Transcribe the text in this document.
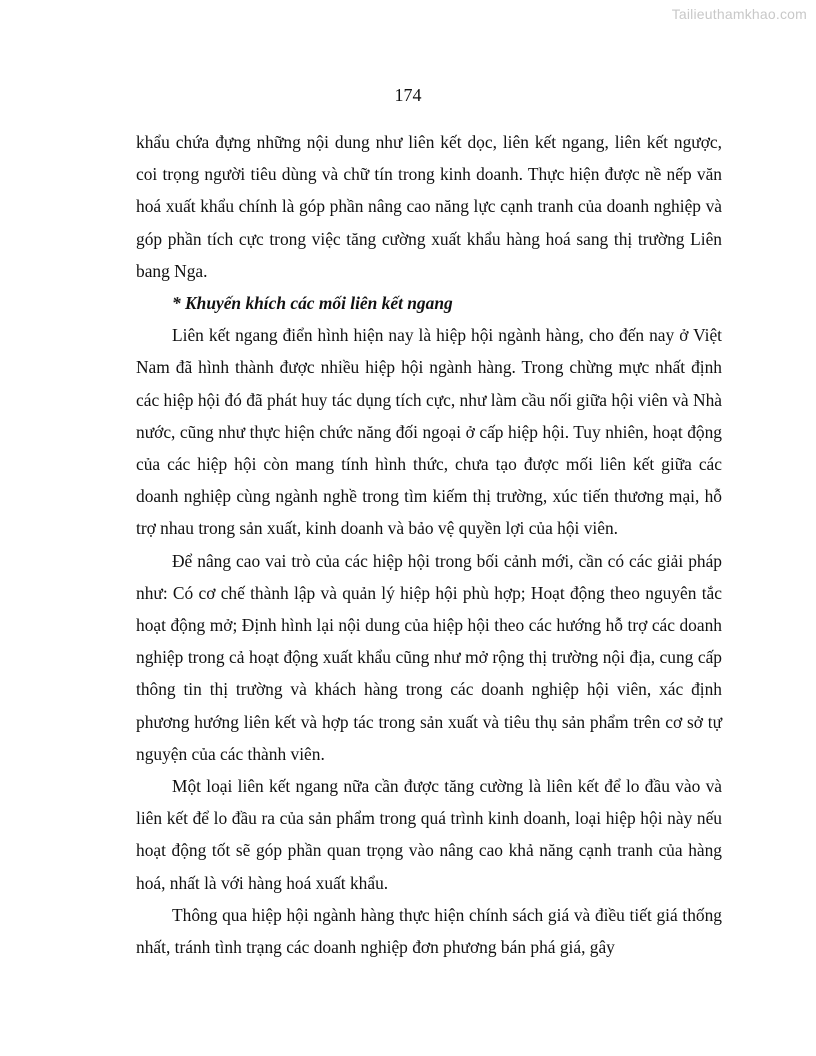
Tailieuthamkhao.com
174

khẩu chứa đựng những nội dung như liên kết dọc, liên kết ngang, liên kết ngược, coi trọng người tiêu dùng và chữ tín trong kinh doanh. Thực hiện được nề nếp văn hoá xuất khẩu chính là góp phần nâng cao năng lực cạnh tranh của doanh nghiệp và góp phần tích cực trong việc tăng cường xuất khẩu hàng hoá sang thị trường Liên bang Nga.

* Khuyến khích các mối liên kết ngang

Liên kết ngang điển hình hiện nay là hiệp hội ngành hàng, cho đến nay ở Việt Nam đã hình thành được nhiều hiệp hội ngành hàng. Trong chừng mực nhất định các hiệp hội đó đã phát huy tác dụng tích cực, như làm cầu nối giữa hội viên và Nhà nước, cũng như thực hiện chức năng đối ngoại ở cấp hiệp hội. Tuy nhiên, hoạt động của các hiệp hội còn mang tính hình thức, chưa tạo được mối liên kết giữa các doanh nghiệp cùng ngành nghề trong tìm kiếm thị trường, xúc tiến thương mại, hỗ trợ nhau trong sản xuất, kinh doanh và bảo vệ quyền lợi của hội viên.

Để nâng cao vai trò của các hiệp hội trong bối cảnh mới, cần có các giải pháp như: Có cơ chế thành lập và quản lý hiệp hội phù hợp; Hoạt động theo nguyên tắc hoạt động mở; Định hình lại nội dung của hiệp hội theo các hướng hỗ trợ các doanh nghiệp trong cả hoạt động xuất khẩu cũng như mở rộng thị trường nội địa, cung cấp thông tin thị trường và khách hàng trong các doanh nghiệp hội viên, xác định phương hướng liên kết và hợp tác trong sản xuất và tiêu thụ sản phẩm trên cơ sở tự nguyện của các thành viên.

Một loại liên kết ngang nữa cần được tăng cường là liên kết để lo đầu vào và liên kết để lo đầu ra của sản phẩm trong quá trình kinh doanh, loại hiệp hội này nếu hoạt động tốt sẽ góp phần quan trọng vào nâng cao khả năng cạnh tranh của hàng hoá, nhất là với hàng hoá xuất khẩu.

Thông qua hiệp hội ngành hàng thực hiện chính sách giá và điều tiết giá thống nhất, tránh tình trạng các doanh nghiệp đơn phương bán phá giá, gây
